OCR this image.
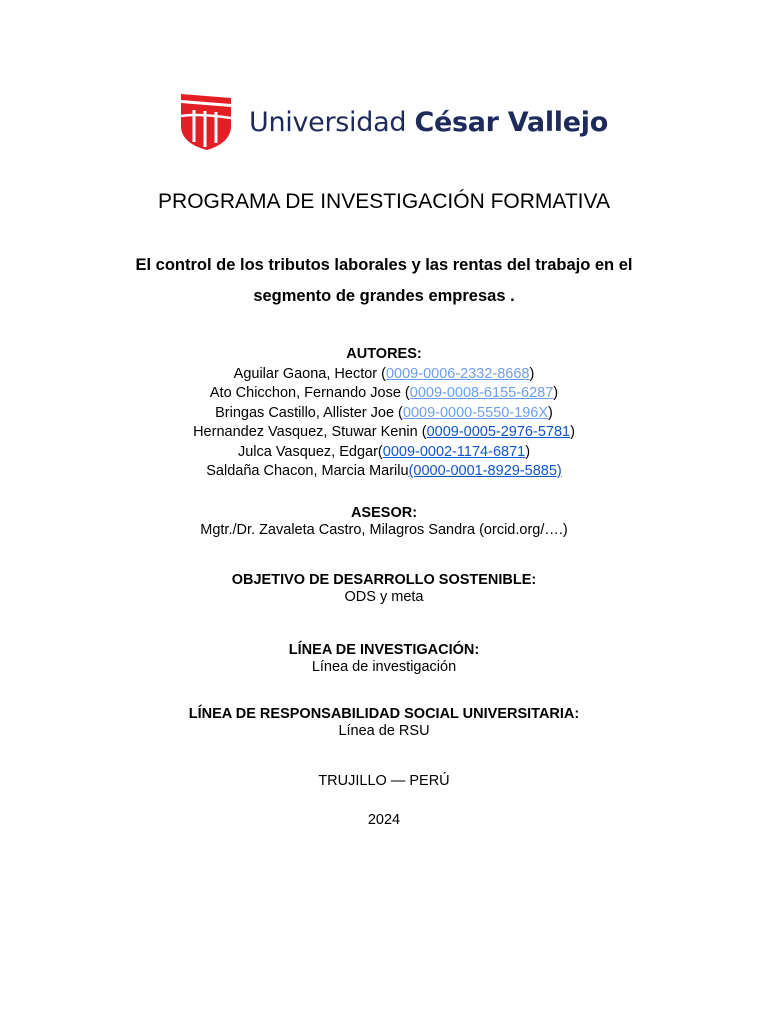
Universidad César Vallejo
PROGRAMA DE INVESTIGACIÓN FORMATIVA
El control de los tributos laborales y las rentas del trabajo en el
segmento de grandes empresas .
AUTORES:
Aguilar Gaona, Hector (0009-0006-2332-8668)
Ato Chicchon, Fernando Jose (0009-0008-6155-6287)
Bringas Castillo, Allister Joe (0009-0000-5550-196X)
Hernandez Vasquez, Stuwar Kenin (0009-0005-2976-5781)
Julca Vasquez, Edgar(0009-0002-1174-6871)
Saldaña Chacon, Marcia Marilu(0000-0001-8929-5885)
ASESOR:
Mgtr./Dr. Zavaleta Castro, Milagros Sandra (orcid.org/….)
OBJETIVO DE DESARROLLO SOSTENIBLE:
ODS y meta
LÍNEA DE INVESTIGACIÓN:
Línea de investigación
LÍNEA DE RESPONSABILIDAD SOCIAL UNIVERSITARIA:
Línea de RSU
TRUJILLO — PERÚ
2024
